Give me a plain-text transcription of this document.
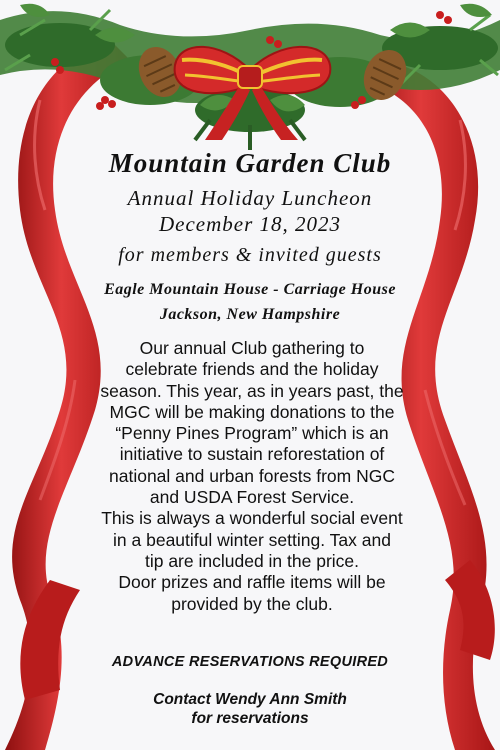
Mountain Garden Club
Annual Holiday Luncheon
December 18, 2023
for members & invited guests
Eagle Mountain House - Carriage House
Jackson, New Hampshire
Our annual Club gathering to
celebrate friends and the holiday
season. This year, as in years past, the
MGC will be making donations to the
“Penny Pines Program” which is an
initiative to sustain reforestation of
national and urban forests from NGC
and USDA Forest Service.
This is always a wonderful social event
in a beautiful winter setting. Tax and
tip are included in the price.
Door prizes and raffle items will be
provided by the club.
ADVANCE RESERVATIONS REQUIRED
Contact Wendy Ann Smith
for reservations
